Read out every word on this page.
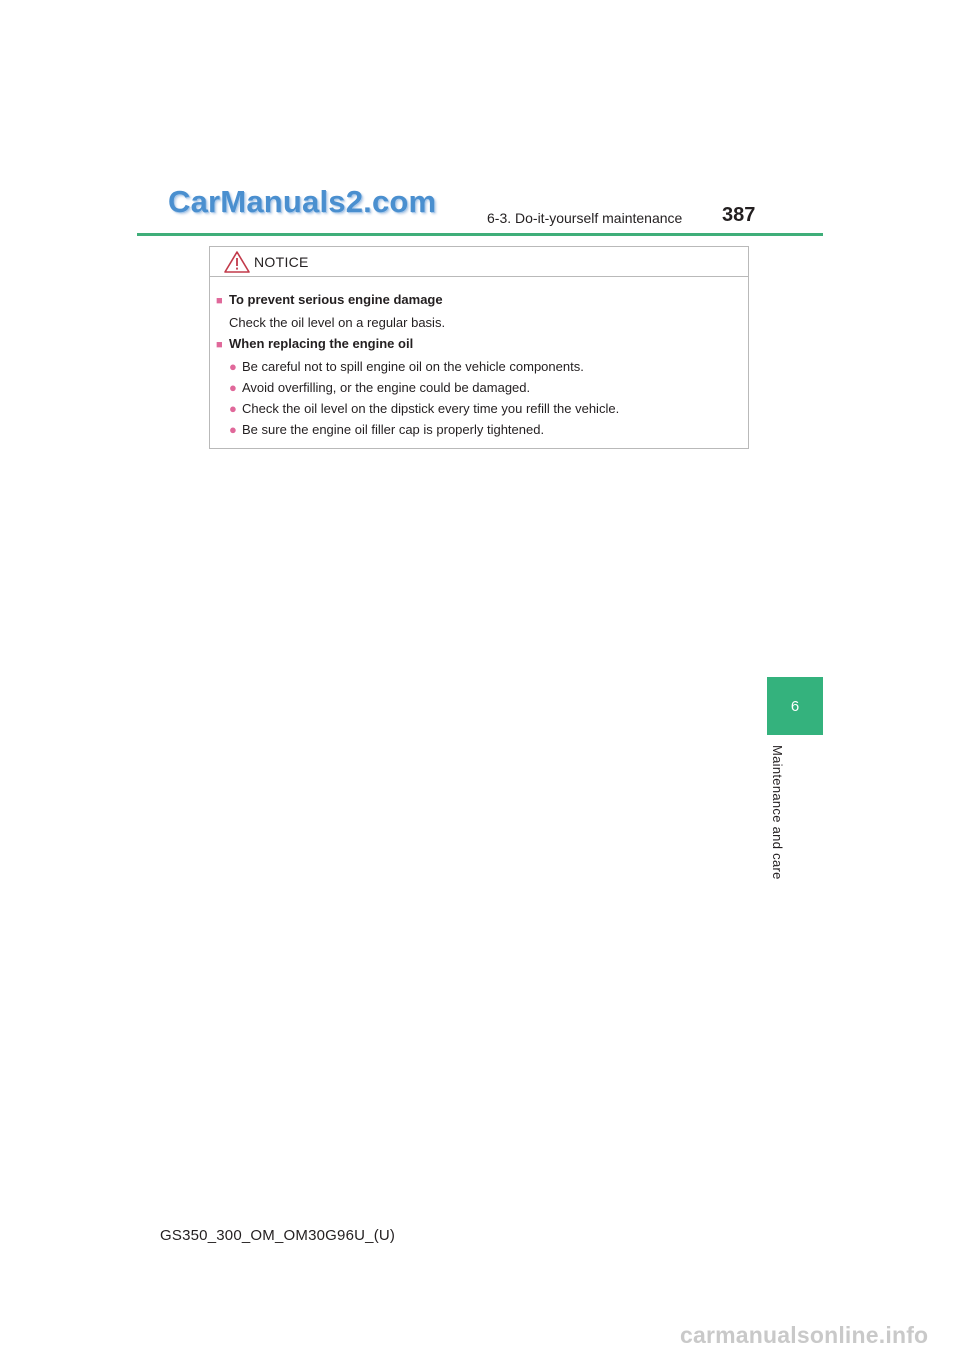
CarManuals2.com	6-3. Do-it-yourself maintenance 387
6
Maintenance and care
NOTICE
■ To prevent serious engine damage
Check the oil level on a regular basis.
■ When replacing the engine oil
● Be careful not to spill engine oil on the vehicle components.
● Avoid overfilling, or the engine could be damaged.
● Check the oil level on the dipstick every time you refill the vehicle.
● Be sure the engine oil filler cap is properly tightened.
GS350_300_OM_OM30G96U_(U)
carmanualsonline.info
